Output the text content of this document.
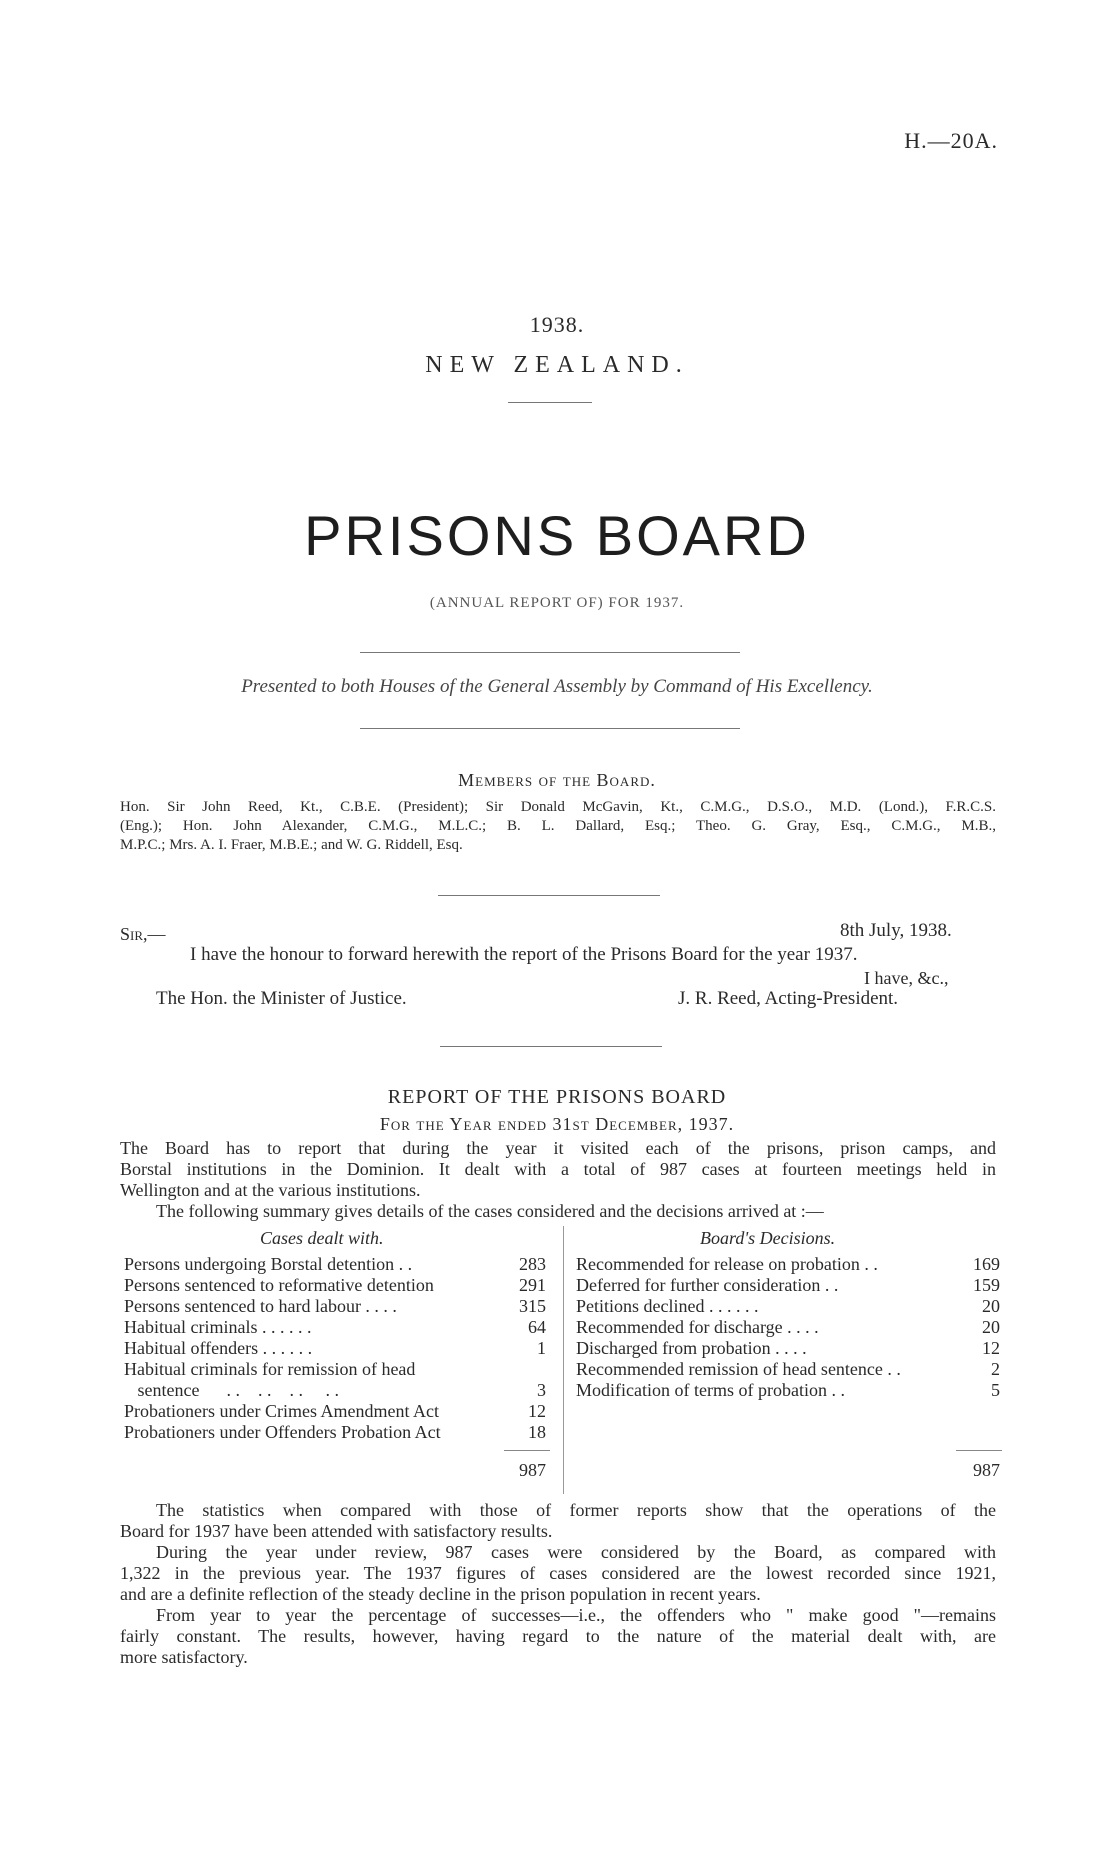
H.—20A.
1938.
NEW ZEALAND.
PRISONS BOARD
(ANNUAL REPORT OF) FOR 1937.
Presented to both Houses of the General Assembly by Command of His Excellency.
Members of the Board.
Hon. Sir John Reed, Kt., C.B.E. (President); Sir Donald McGavin, Kt., C.M.G., D.S.O., M.D. (Lond.), F.R.C.S.
(Eng.); Hon. John Alexander, C.M.G., M.L.C.; B. L. Dallard, Esq.; Theo. G. Gray, Esq., C.M.G., M.B.,
M.P.C.; Mrs. A. I. Fraer, M.B.E.; and W. G. Riddell, Esq.
Sir,—	8th July, 1938.
I have the honour to forward herewith the report of the Prisons Board for the year 1937.
I have, &c.,
The Hon. the Minister of Justice.	J. R. Reed, Acting-President.
REPORT OF THE PRISONS BOARD
For the Year ended 31st December, 1937.
The Board has to report that during the year it visited each of the prisons, prison camps, and
Borstal institutions in the Dominion. It dealt with a total of 987 cases at fourteen meetings held in
Wellington and at the various institutions.
The following summary gives details of the cases considered and the decisions arrived at :—
Cases dealt with.	Board's Decisions.
Persons undergoing Borstal detention . .	283
Persons sentenced to reformative detention	291
Persons sentenced to hard labour . . . .	315
Habitual criminals . . . . . .	64
Habitual offenders . . . . . .	1
Habitual criminals for remission of head
sentence      . .    . .    . .     . .	3
Probationers under Crimes Amendment Act	12
Probationers under Offenders Probation Act	18
Recommended for release on probation . .	169
Deferred for further consideration . .	159
Petitions declined . . . . . .	20
Recommended for discharge . . . .	20
Discharged from probation . . . .	12
Recommended remission of head sentence . .	2
Modification of terms of probation . .	5
987	987
The statistics when compared with those of former reports show that the operations of the
Board for 1937 have been attended with satisfactory results.
During the year under review, 987 cases were considered by the Board, as compared with
1,322 in the previous year. The 1937 figures of cases considered are the lowest recorded since 1921,
and are a definite reflection of the steady decline in the prison population in recent years.
From year to year the percentage of successes—i.e., the offenders who " make good "—remains
fairly constant. The results, however, having regard to the nature of the material dealt with, are
more satisfactory.
